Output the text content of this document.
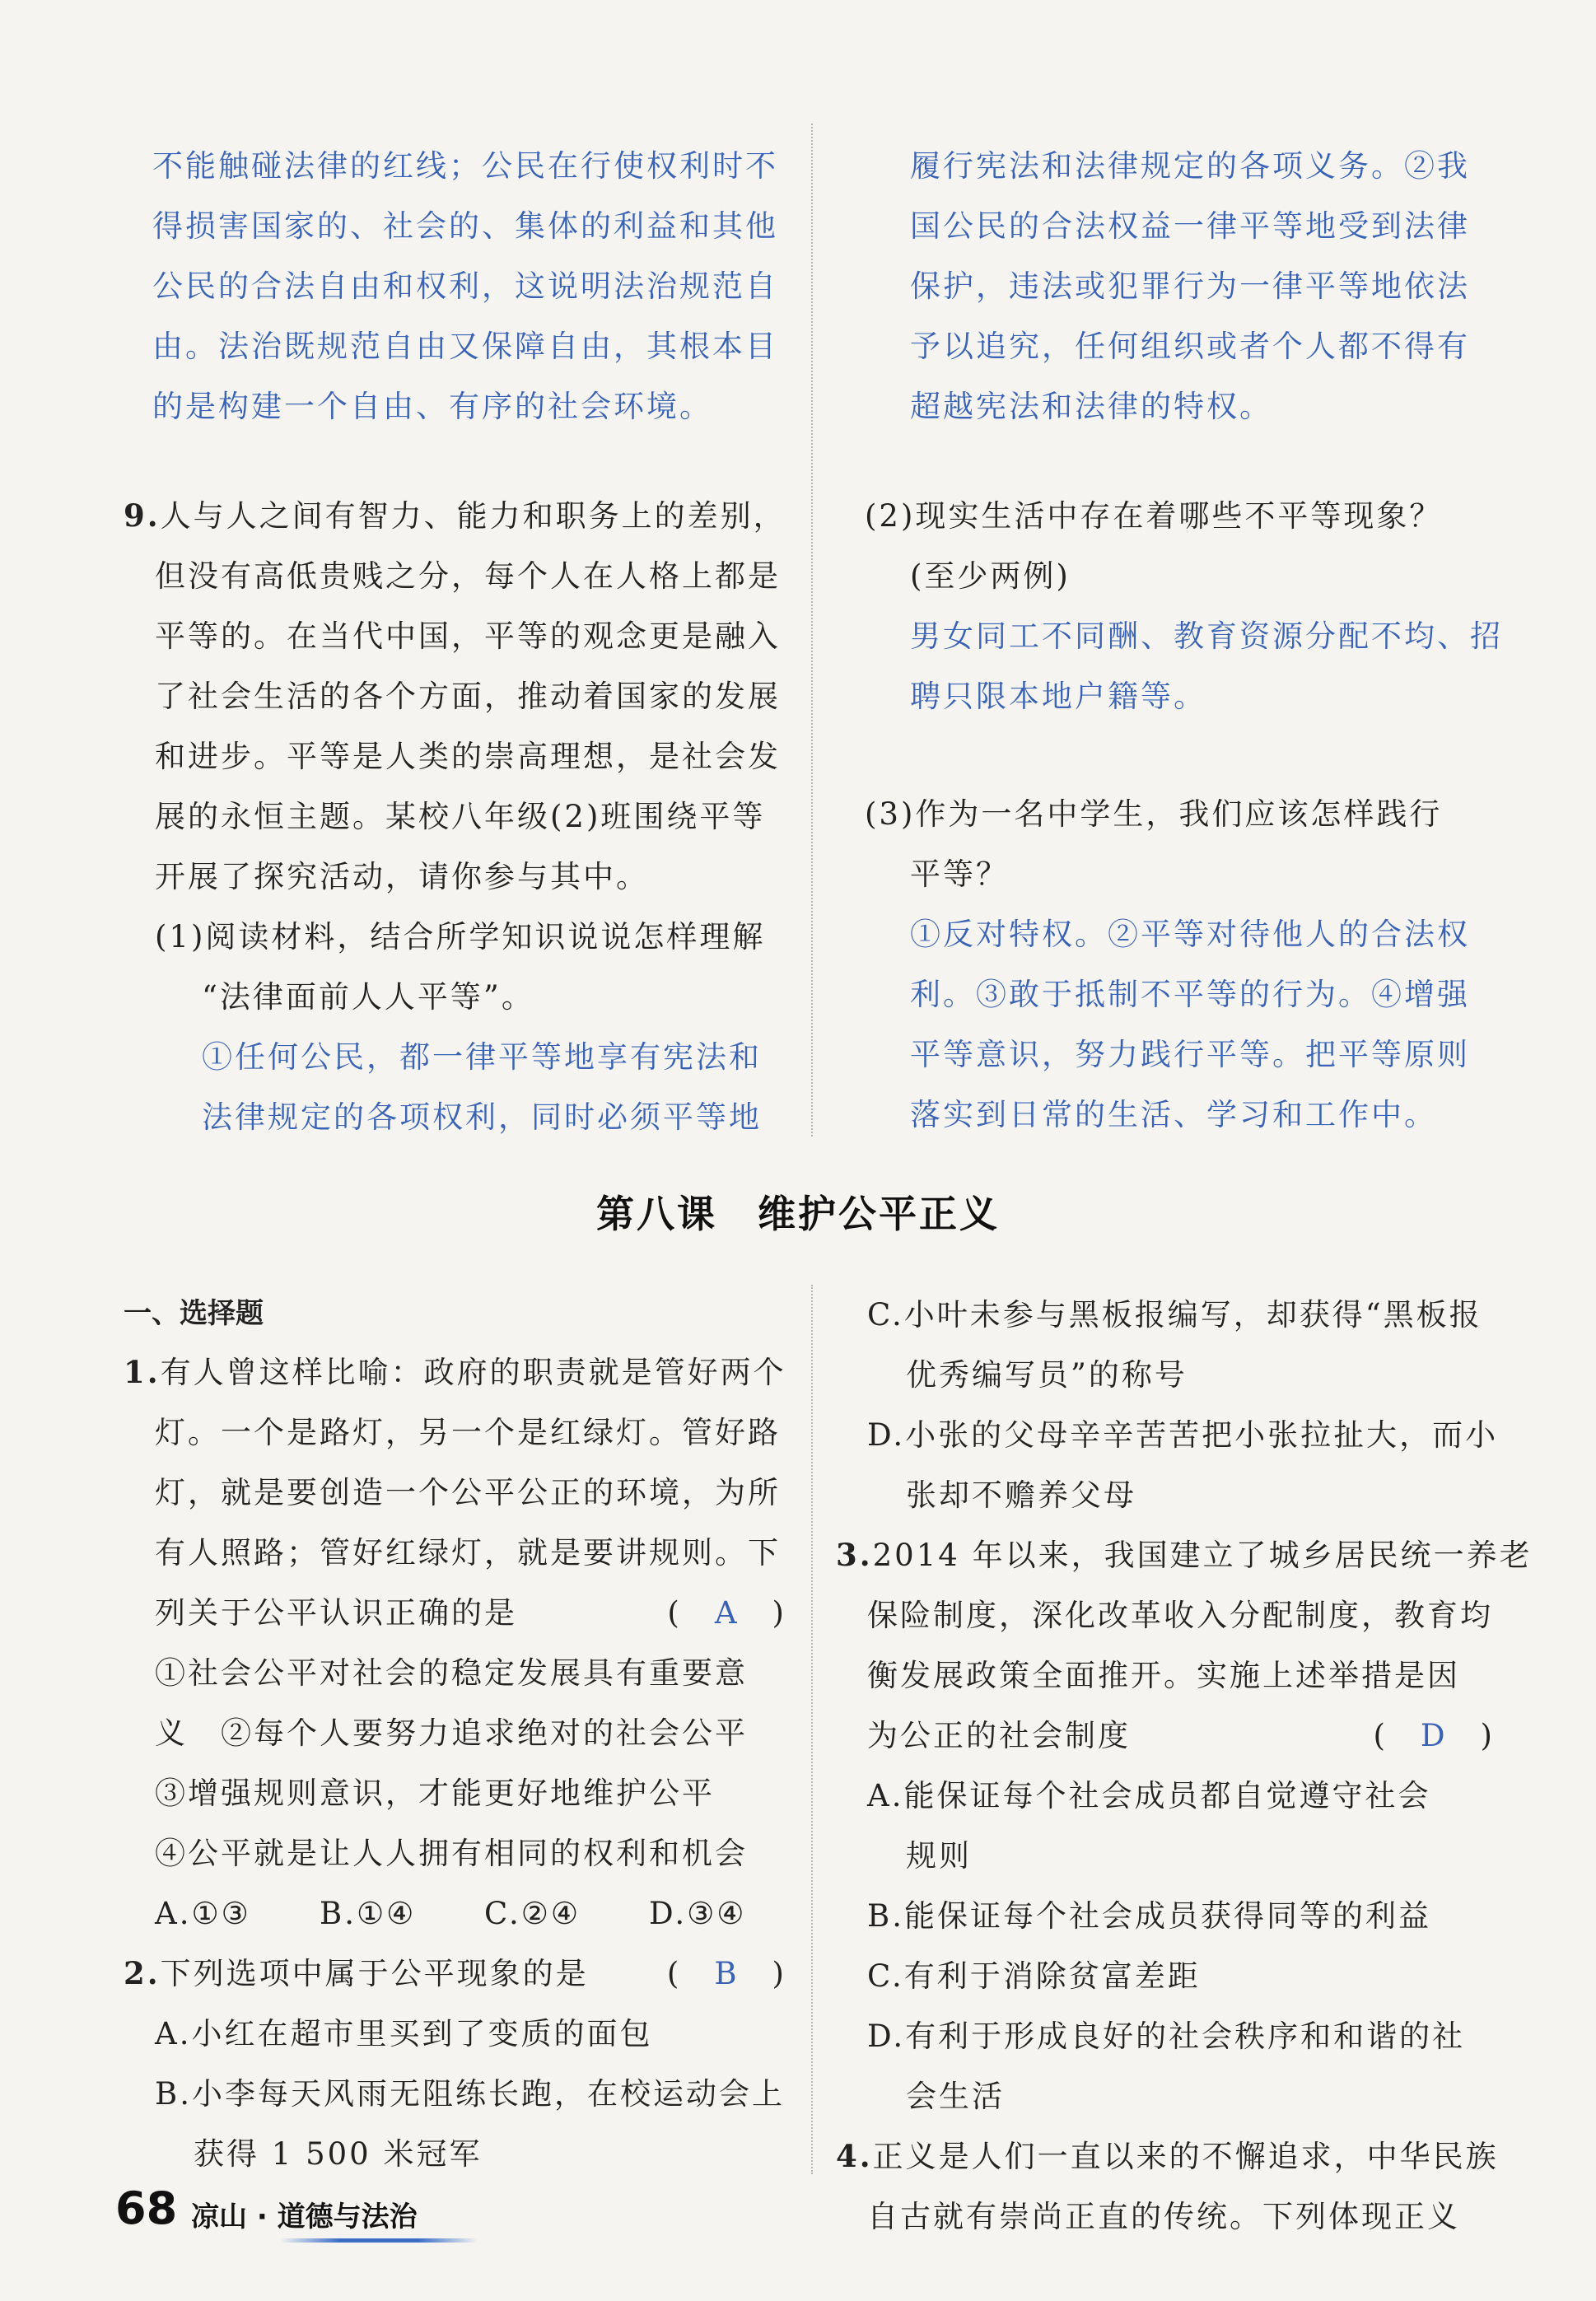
不能触碰法律的红线；公民在行使权利时不

得损害国家的、社会的、集体的利益和其他

公民的合法自由和权利，这说明法治规范自

由。法治既规范自由又保障自由，其根本目

的是构建一个自由、有序的社会环境。

9.人与人之间有智力、能力和职务上的差别，

但没有高低贵贱之分，每个人在人格上都是

平等的。在当代中国，平等的观念更是融入

了社会生活的各个方面，推动着国家的发展

和进步。平等是人类的崇高理想，是社会发

展的永恒主题。某校八年级(2)班围绕平等

开展了探究活动，请你参与其中。

(1)阅读材料，结合所学知识说说怎样理解

“法律面前人人平等”。

①任何公民，都一律平等地享有宪法和

法律规定的各项权利，同时必须平等地

履行宪法和法律规定的各项义务。②我

国公民的合法权益一律平等地受到法律

保护，违法或犯罪行为一律平等地依法

予以追究，任何组织或者个人都不得有

超越宪法和法律的特权。

(2)现实生活中存在着哪些不平等现象？

(至少两例)

男女同工不同酬、教育资源分配不均、招

聘只限本地户籍等。

(3)作为一名中学生，我们应该怎样践行

平等？

①反对特权。②平等对待他人的合法权

利。③敢于抵制不平等的行为。④增强

平等意识，努力践行平等。把平等原则

落实到日常的生活、学习和工作中。

第八课　维护公平正义

一、选择题

1.有人曾这样比喻：政府的职责就是管好两个

灯。一个是路灯，另一个是红绿灯。管好路

灯，就是要创造一个公平公正的环境，为所

有人照路；管好红绿灯，就是要讲规则。下

列关于公平认识正确的是	(　A　)

①社会公平对社会的稳定发展具有重要意

义　②每个人要努力追求绝对的社会公平

③增强规则意识，才能更好地维护公平

④公平就是让人人拥有相同的权利和机会

A.①③ B.①④ C.②④ D.③④

2.下列选项中属于公平现象的是	(　B　)

A.小红在超市里买到了变质的面包

B.小李每天风雨无阻练长跑，在校运动会上

获得 1 500 米冠军

C.小叶未参与黑板报编写，却获得“黑板报

优秀编写员”的称号

D.小张的父母辛辛苦苦把小张拉扯大，而小

张却不赡养父母

3.2014 年以来，我国建立了城乡居民统一养老

保险制度，深化改革收入分配制度，教育均

衡发展政策全面推开。实施上述举措是因

为公正的社会制度	(　D　)

A.能保证每个社会成员都自觉遵守社会

规则

B.能保证每个社会成员获得同等的利益

C.有利于消除贫富差距

D.有利于形成良好的社会秩序和和谐的社

会生活

4.正义是人们一直以来的不懈追求，中华民族

自古就有崇尚正直的传统。下列体现正义

68 凉山 · 道德与法治
